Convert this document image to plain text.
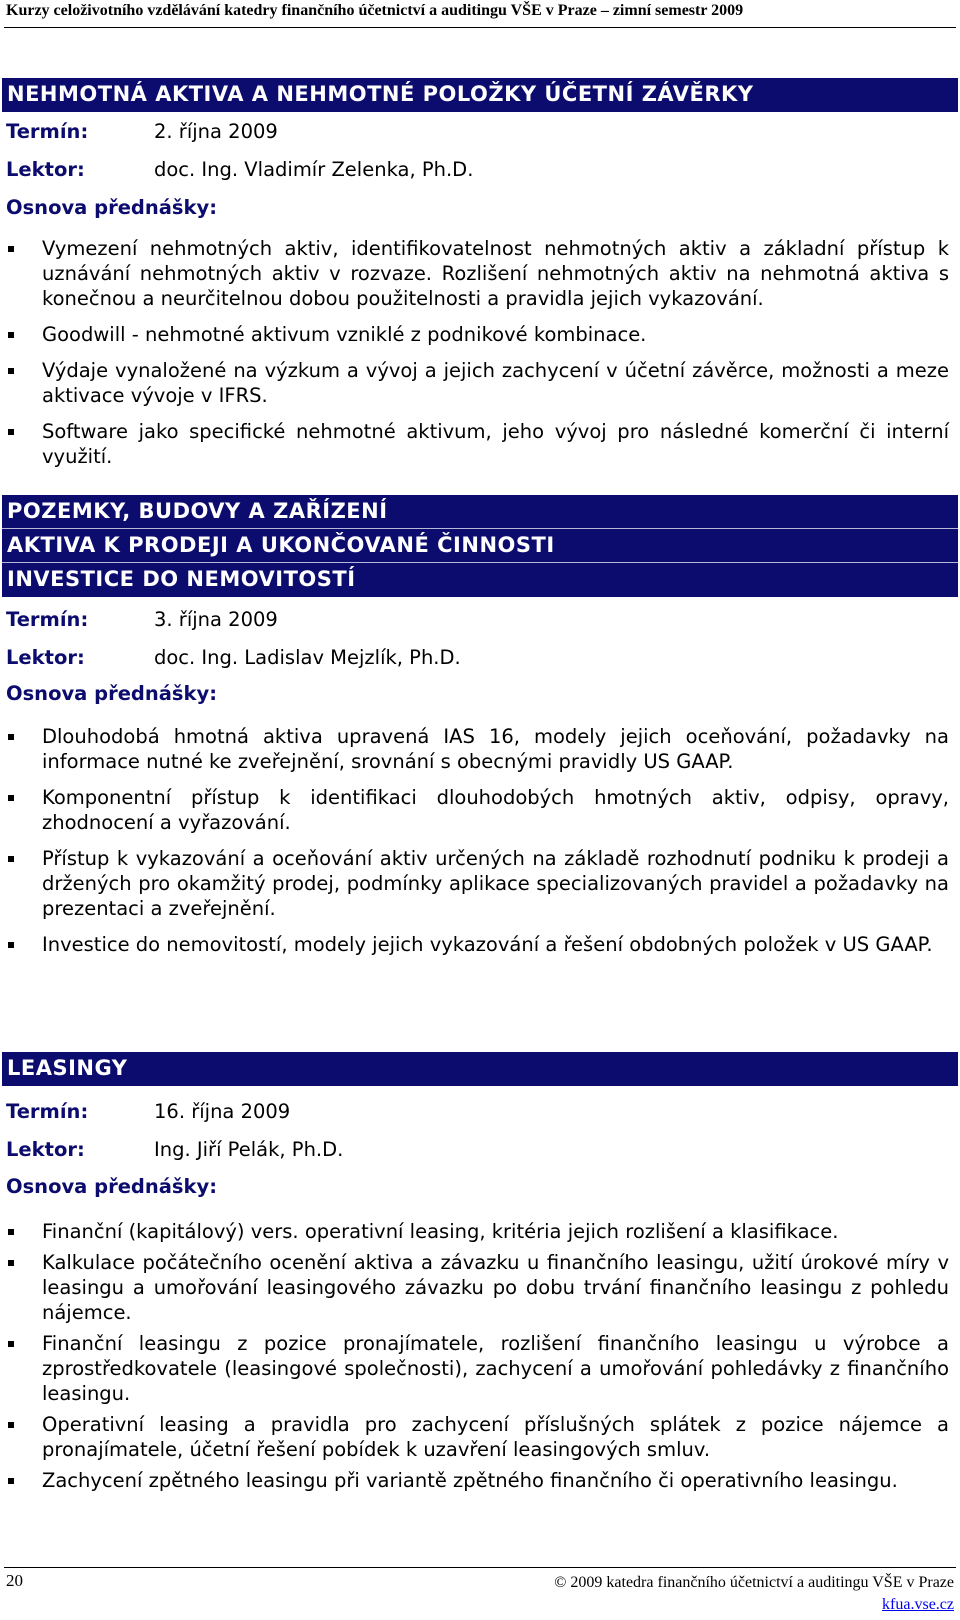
Kurzy celoživotního vzdělávání katedry finančního účetnictví a auditingu VŠE v Praze – zimní semestr 2009
NEHMOTNÁ AKTIVA A NEHMOTNÉ POLOŽKY ÚČETNÍ ZÁVĚRKY
Termín:	2. října 2009
Lektor:	doc. Ing. Vladimír Zelenka, Ph.D.
Osnova přednášky:
Vymezení nehmotných aktiv, identifikovatelnost nehmotných aktiv a základní přístup k uznávání nehmotných aktiv v rozvaze. Rozlišení nehmotných aktiv na nehmotná aktiva s konečnou a neurčitelnou dobou použitelnosti a pravidla jejich vykazování.
Goodwill - nehmotné aktivum vzniklé z podnikové kombinace.
Výdaje vynaložené na výzkum a vývoj a jejich zachycení v účetní závěrce, možnosti a meze aktivace vývoje v IFRS.
Software jako specifické nehmotné aktivum, jeho vývoj pro následné komerční či interní využití.
POZEMKY, BUDOVY A ZAŘÍZENÍ
AKTIVA K PRODEJI A UKONČOVANÉ ČINNOSTI
INVESTICE DO NEMOVITOSTÍ
Termín:	3. října 2009
Lektor:	doc. Ing. Ladislav Mejzlík, Ph.D.
Osnova přednášky:
Dlouhodobá hmotná aktiva upravená IAS 16, modely jejich oceňování, požadavky na informace nutné ke zveřejnění, srovnání s obecnými pravidly US GAAP.
Komponentní přístup k identifikaci dlouhodobých hmotných aktiv, odpisy, opravy, zhodnocení a vyřazování.
Přístup k vykazování a oceňování aktiv určených na základě rozhodnutí podniku k prodeji a držených pro okamžitý prodej, podmínky aplikace specializovaných pravidel a požadavky na prezentaci a zveřejnění.
Investice do nemovitostí, modely jejich vykazování a řešení obdobných položek v US GAAP.
LEASINGY
Termín:	16. října 2009
Lektor:	Ing. Jiří Pelák, Ph.D.
Osnova přednášky:
Finanční (kapitálový) vers. operativní leasing, kritéria jejich rozlišení a klasifikace.
Kalkulace počátečního ocenění aktiva a závazku u finančního leasingu, užití úrokové míry v leasingu a umořování leasingového závazku po dobu trvání finančního leasingu z pohledu nájemce.
Finanční leasingu z pozice pronajímatele, rozlišení finančního leasingu u výrobce a zprostředkovatele (leasingové společnosti), zachycení a umořování pohledávky z finančního leasingu.
Operativní leasing a pravidla pro zachycení příslušných splátek z pozice nájemce a pronajímatele, účetní řešení pobídek k uzavření leasingových smluv.
Zachycení zpětného leasingu při variantě zpětného finančního či operativního leasingu.
20	© 2009 katedra finančního účetnictví a auditingu VŠE v Praze
kfua.vse.cz
